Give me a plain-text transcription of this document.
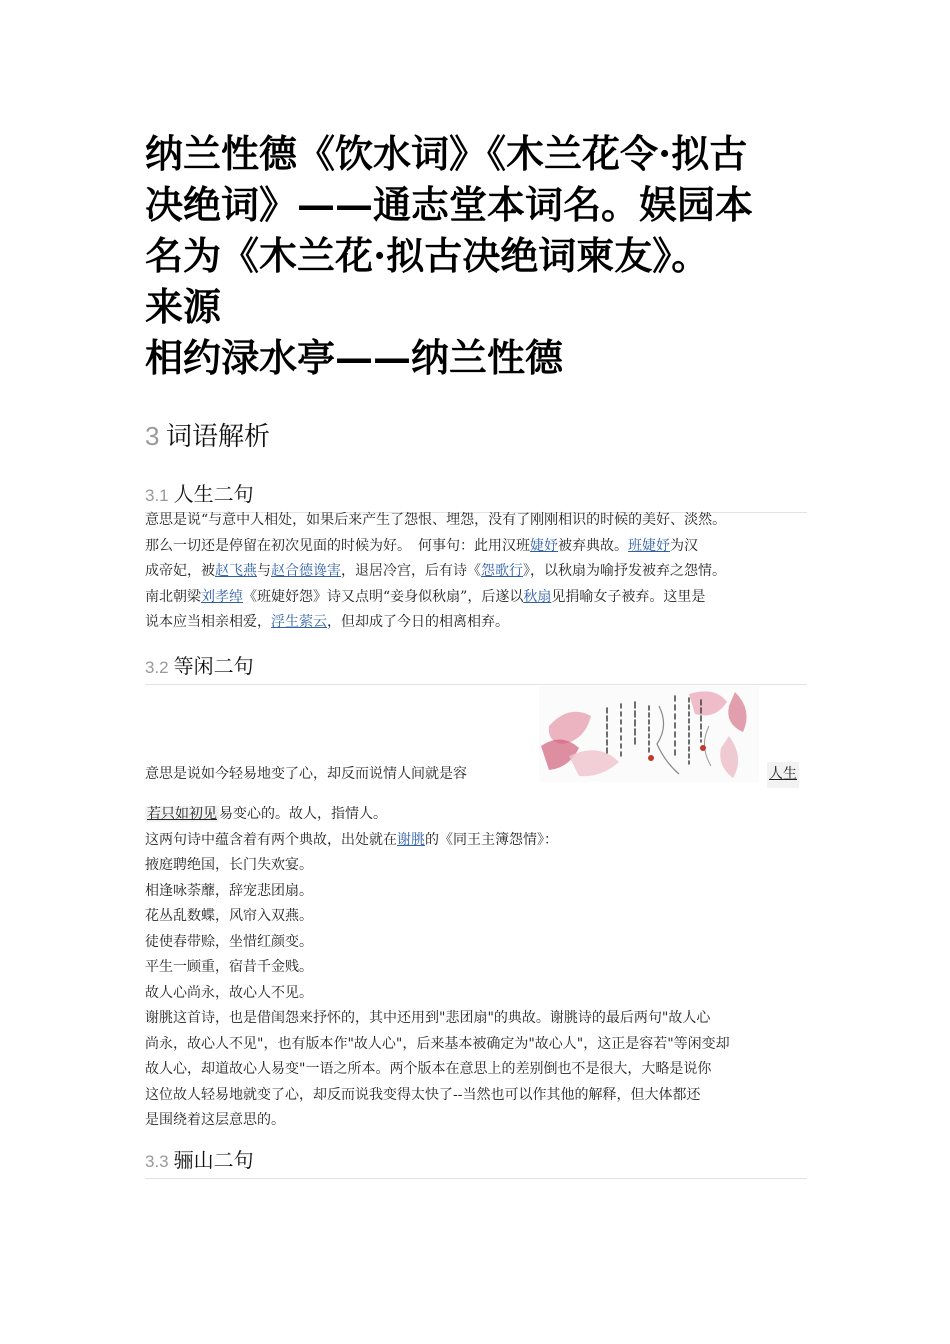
纳兰性德《饮水词》《木兰花令·拟古
决绝词》——通志堂本词名。娱园本
名为《木兰花·拟古决绝词柬友》。
来源
相约渌水亭——纳兰性德
3 词语解析
3.1 人生二句
意思是说“与意中人相处，如果后来产生了怨恨、埋怨，没有了刚刚相识的时候的美好、淡然。
那么一切还是停留在初次见面的时候为好。　何事句：此用汉班婕妤被弃典故。班婕妤为汉
成帝妃，被赵飞燕与赵合德谗害，退居冷宫，后有诗《怨歌行》，以秋扇为喻抒发被弃之怨情。
南北朝梁刘孝绰《班婕妤怨》诗又点明“妾身似秋扇”，后遂以秋扇见捐喻女子被弃。这里是
说本应当相亲相爱，浮生萦云，但却成了今日的相离相弃。
3.2 等闲二句
意思是说如今轻易地变了心，却反而说情人间就是容	人生
若只如初见 易变心的。故人，指情人。
这两句诗中蕴含着有两个典故，出处就在谢朓的《同王主簿怨情》：
掖庭聘绝国，长门失欢宴。
相逢咏荼蘼，辞宠悲团扇。
花丛乱数蝶，风帘入双燕。
徒使春带赊，坐惜红颜变。
平生一顾重，宿昔千金贱。
故人心尚永，故心人不见。
谢朓这首诗，也是借闺怨来抒怀的，其中还用到"悲团扇"的典故。谢朓诗的最后两句"故人心
尚永，故心人不见"，也有版本作"故人心"，后来基本被确定为"故心人"，这正是容若"等闲变却
故人心，却道故心人易变"一语之所本。两个版本在意思上的差别倒也不是很大，大略是说你
这位故人轻易地就变了心，却反而说我变得太快了--当然也可以作其他的解释，但大体都还
是围绕着这层意思的。
3.3 骊山二句
